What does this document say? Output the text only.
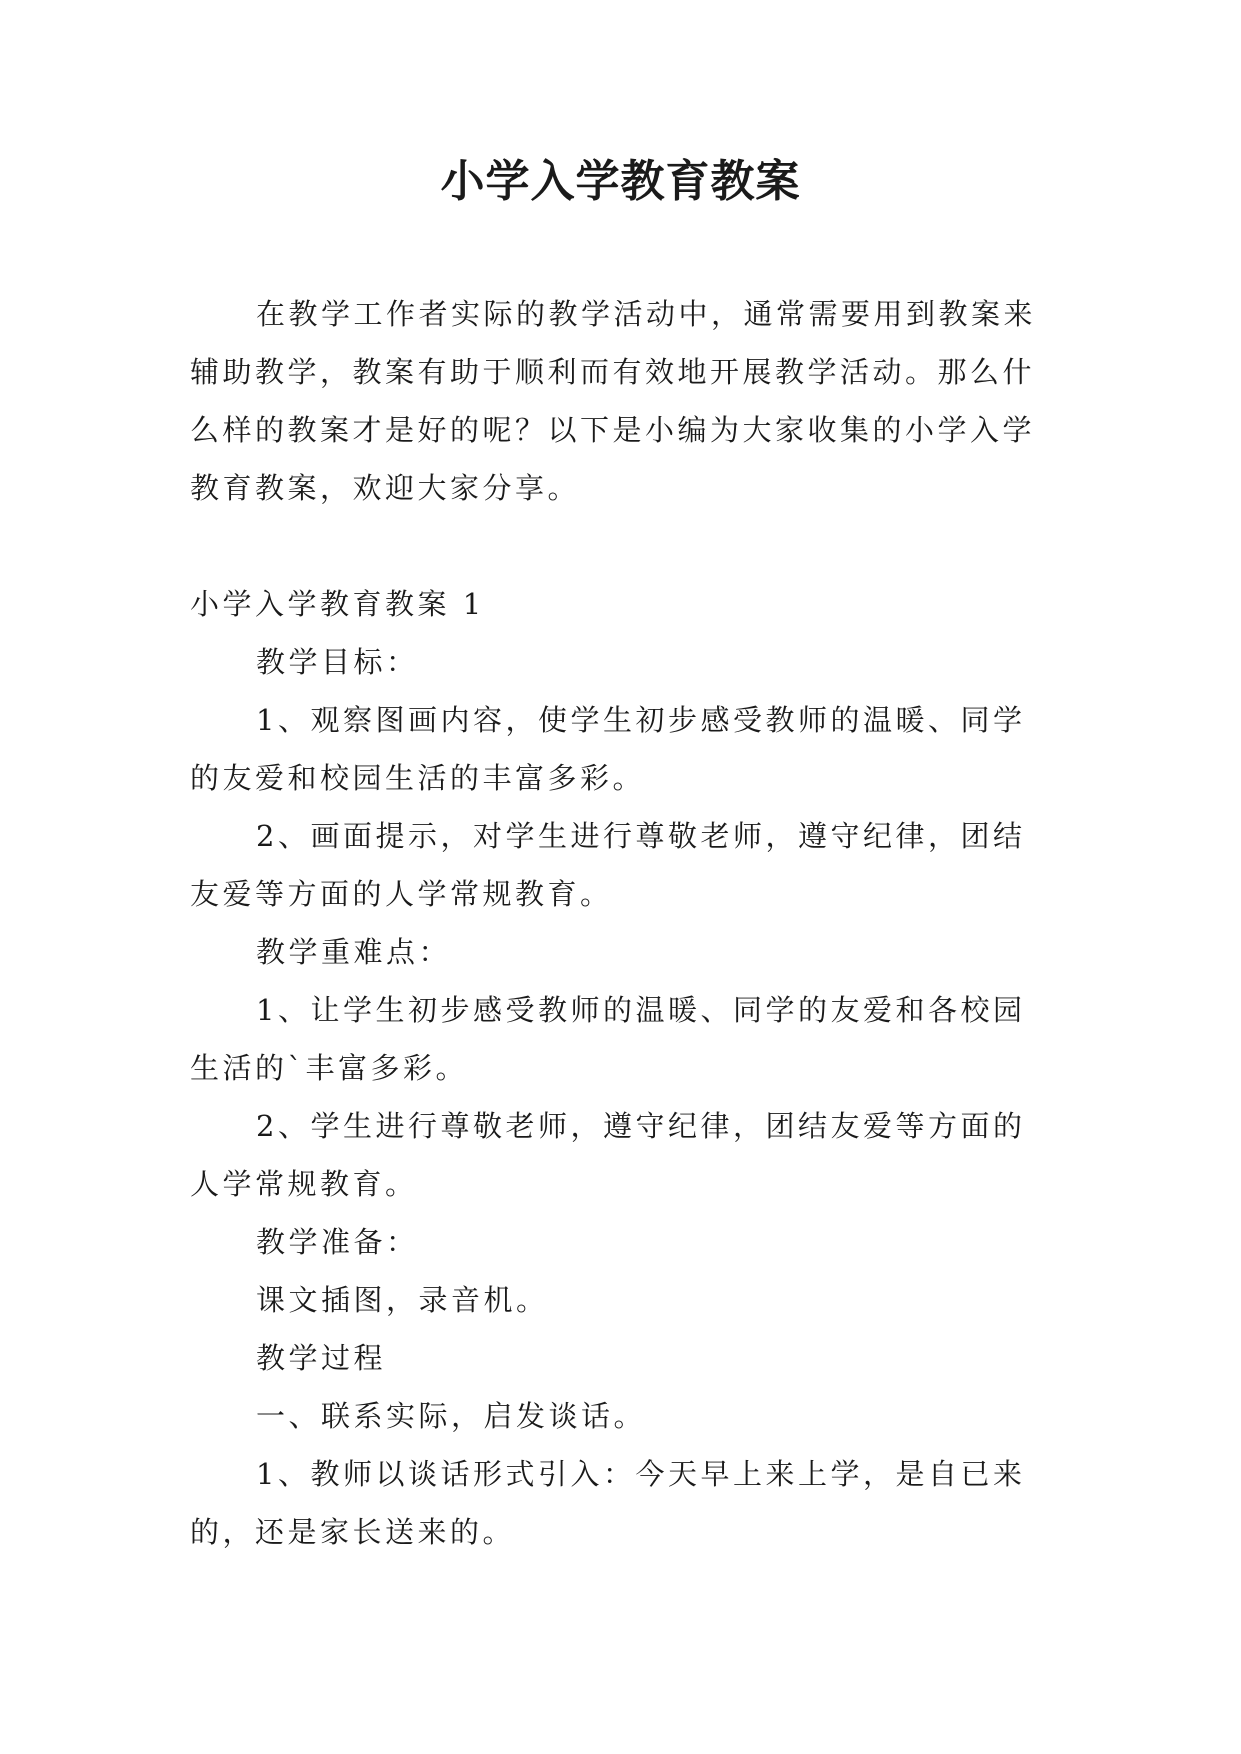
小学入学教育教案

在教学工作者实际的教学活动中，通常需要用到教案来辅助教学，教案有助于顺利而有效地开展教学活动。那么什么样的教案才是好的呢？以下是小编为大家收集的小学入学教育教案，欢迎大家分享。

小学入学教育教案 1

教学目标：

1、观察图画内容，使学生初步感受教师的温暖、同学的友爱和校园生活的丰富多彩。

2、画面提示，对学生进行尊敬老师，遵守纪律，团结友爱等方面的人学常规教育。

教学重难点：

1、让学生初步感受教师的温暖、同学的友爱和各校园生活的`丰富多彩。

2、学生进行尊敬老师，遵守纪律，团结友爱等方面的人学常规教育。

教学准备：

课文插图，录音机。

教学过程

一、联系实际，启发谈话。

1、教师以谈话形式引入：今天早上来上学，是自已来的，还是家长送来的。
